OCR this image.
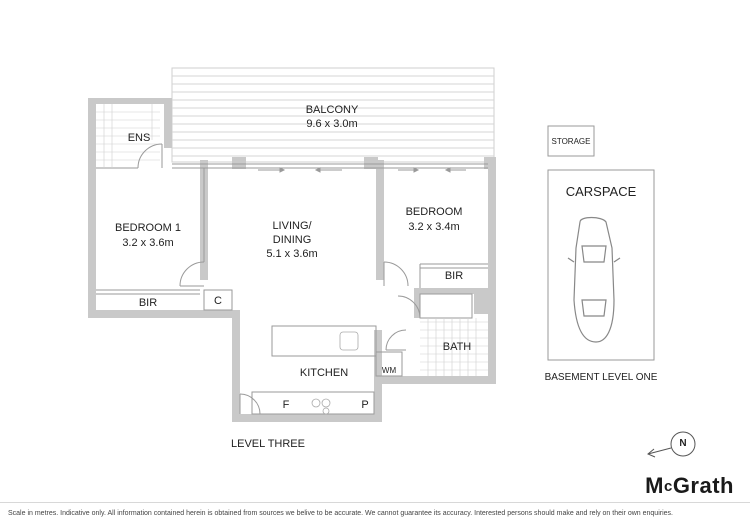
BALCONY
9.6 x 3.0m
ENS
BEDROOM 1
3.2 x 3.6m
LIVING/
DINING
5.1 x 3.6m
BEDROOM
3.2 x 3.4m
BIR	C
BIR
BATH
KITCHEN	WM
F	P
LEVEL THREE
STORAGE
CARSPACE
BASEMENT LEVEL ONE
N
McGrath
Scale in metres. Indicative only. All information contained herein is obtained from sources we belive to be accurate. We cannot guarantee its accuracy. Interested persons should make and rely on their own enquiries.
